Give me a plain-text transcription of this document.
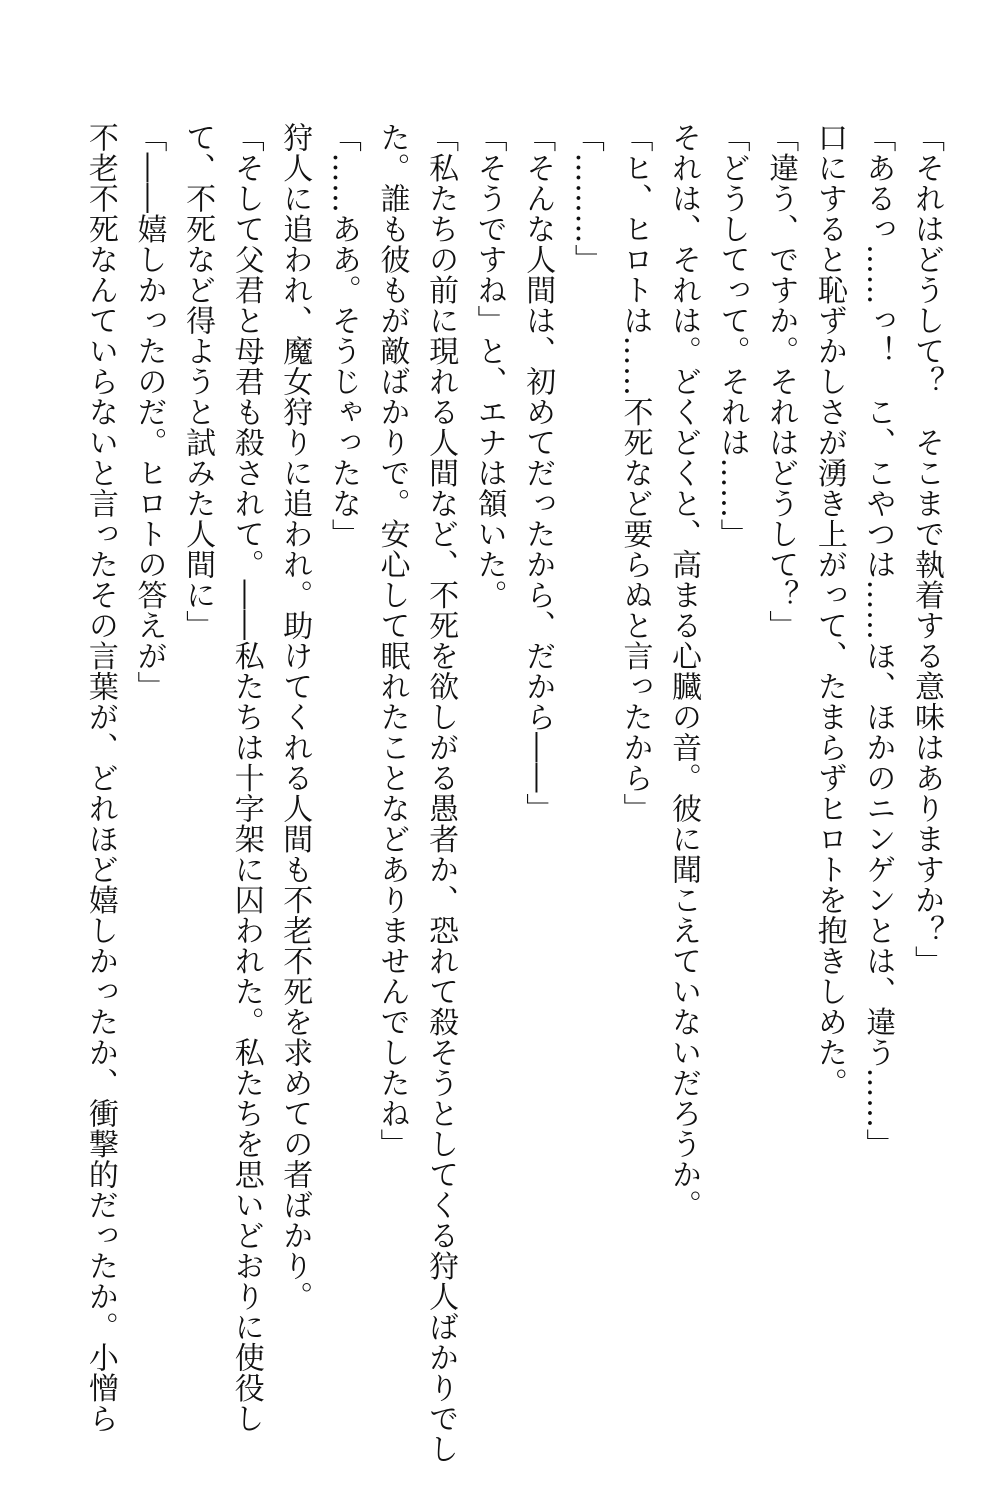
「それはどうして？　そこまで執着する意味はありますか？」
「あるっ……っ！　こ、こやつは……ほ、ほかのニンゲンとは、違う……」
口にすると恥ずかしさが湧き上がって、たまらずヒロトを抱きしめた。
「違う、ですか。それはどうして？」
「どうしてって。それは……」
それは、それは。どくどくと、高まる心臓の音。彼に聞こえていないだろうか。
「ヒ、ヒロトは……不死など要らぬと言ったから」
「………」
「そんな人間は、初めてだったから、だから――」
「そうですね」と、エナは頷いた。
「私たちの前に現れる人間など、不死を欲しがる愚者か、恐れて殺そうとしてくる狩人ばかりでし
た。誰も彼もが敵ばかりで。安心して眠れたことなどありませんでしたね」
「……ああ。そうじゃったな」
狩人に追われ、魔女狩りに追われ。助けてくれる人間も不老不死を求めての者ばかり。
「そして父君と母君も殺されて。――私たちは十字架に囚われた。私たちを思いどおりに使役し
て、不死など得ようと試みた人間に」
「――嬉しかったのだ。ヒロトの答えが」
不老不死なんていらないと言ったその言葉が、どれほど嬉しかったか、衝撃的だったか。小憎ら
